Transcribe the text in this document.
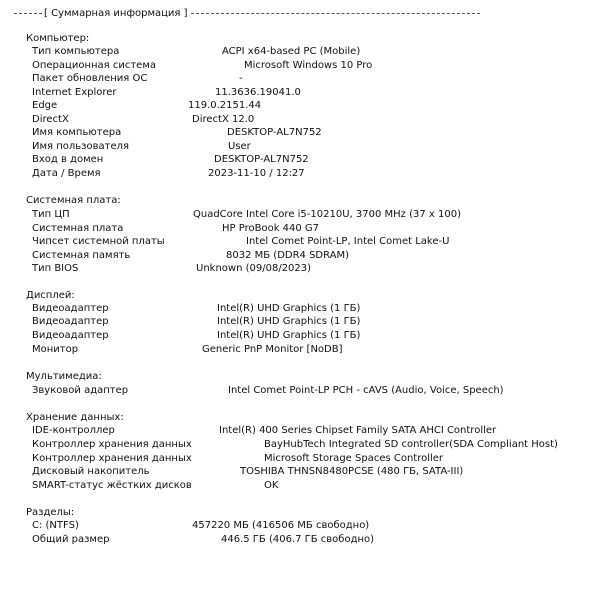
[ Суммарная информация ]
Компьютер:
Тип компьютера	ACPI x64-based PC (Mobile)
Операционная система	Microsoft Windows 10 Pro
Пакет обновления ОС	-
Internet Explorer	11.3636.19041.0
Edge	119.0.2151.44
DirectX	DirectX 12.0
Имя компьютера	DESKTOP-AL7N752
Имя пользователя	User
Вход в домен	DESKTOP-AL7N752
Дата / Время	2023-11-10 / 12:27
Системная плата:
Тип ЦП	QuadCore Intel Core i5-10210U, 3700 MHz (37 x 100)
Системная плата	HP ProBook 440 G7
Чипсет системной платы	Intel Comet Point-LP, Intel Comet Lake-U
Системная память	8032 МБ (DDR4 SDRAM)
Тип BIOS	Unknown (09/08/2023)
Дисплей:
Видеоадаптер	Intel(R) UHD Graphics (1 ГБ)
Видеоадаптер	Intel(R) UHD Graphics (1 ГБ)
Видеоадаптер	Intel(R) UHD Graphics (1 ГБ)
Монитор	Generic PnP Monitor [NoDB]
Мультимедиа:
Звуковой адаптер	Intel Comet Point-LP PCH - cAVS (Audio, Voice, Speech)
Хранение данных:
IDE-контроллер	Intel(R) 400 Series Chipset Family SATA AHCI Controller
Контроллер хранения данных	BayHubTech Integrated SD controller(SDA Compliant Host)
Контроллер хранения данных	Microsoft Storage Spaces Controller
Дисковый накопитель	TOSHIBA THNSN8480PCSE (480 ГБ, SATA-III)
SMART-статус жёстких дисков	OK
Разделы:
C: (NTFS)	457220 МБ (416506 МБ свободно)
Общий размер	446.5 ГБ (406.7 ГБ свободно)
